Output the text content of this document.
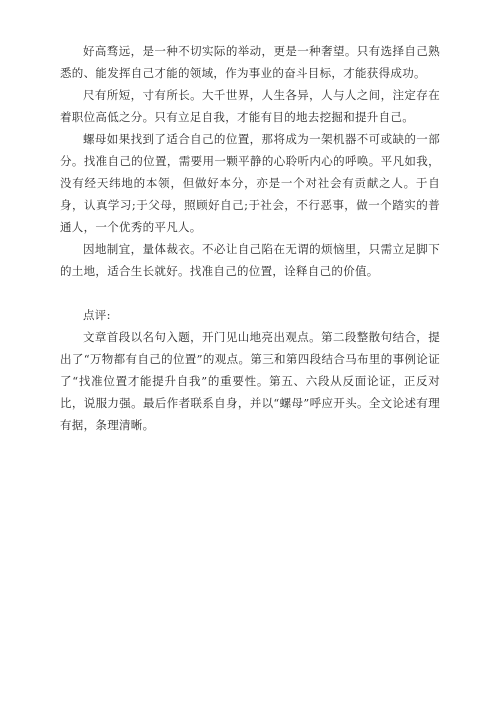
好高骛远，是一种不切实际的举动，更是一种奢望。只有选择自己熟悉的、能发挥自己才能的领域，作为事业的奋斗目标，才能获得成功。

尺有所短，寸有所长。大千世界，人生各异，人与人之间，注定存在着职位高低之分。只有立足自我，才能有目的地去挖掘和提升自己。

螺母如果找到了适合自己的位置，那将成为一架机器不可或缺的一部分。找准自己的位置，需要用一颗平静的心聆听内心的呼唤。平凡如我，没有经天纬地的本领，但做好本分，亦是一个对社会有贡献之人。于自身，认真学习;于父母，照顾好自己;于社会，不行恶事，做一个踏实的普通人，一个优秀的平凡人。

因地制宜，量体裁衣。不必让自己陷在无谓的烦恼里，只需立足脚下的土地，适合生长就好。找准自己的位置，诠释自己的价值。

点评:

文章首段以名句入题，开门见山地亮出观点。第二段整散句结合，提出了“万物都有自己的位置”的观点。第三和第四段结合马布里的事例论证了“找准位置才能提升自我”的重要性。第五、六段从反面论证，正反对比，说服力强。最后作者联系自身，并以“螺母”呼应开头。全文论述有理有据，条理清晰。
